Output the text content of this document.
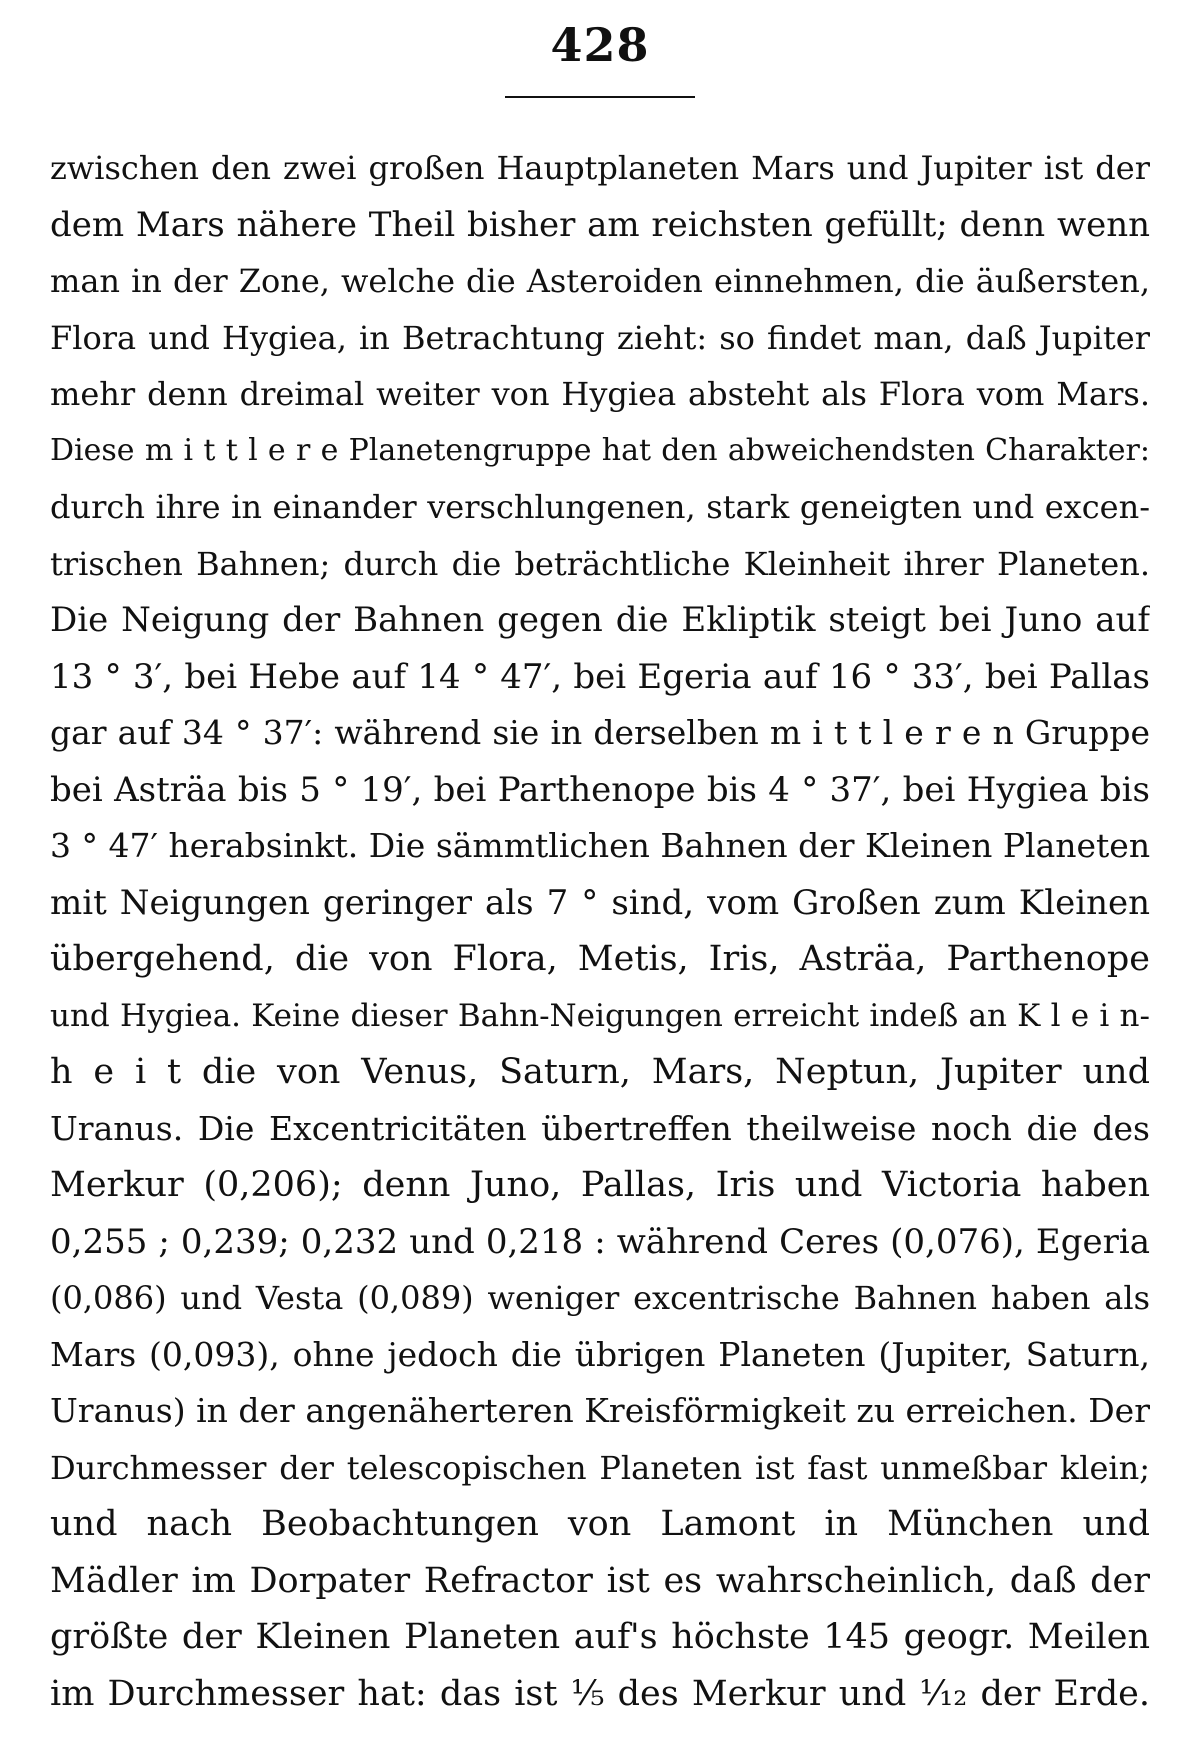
428
zwischen den zwei großen Hauptplaneten Mars und Jupiter ist der
dem Mars nähere Theil bisher am reichsten gefüllt; denn wenn
man in der Zone, welche die Asteroiden einnehmen, die äußersten,
Flora und Hygiea, in Betrachtung zieht: so findet man, daß Jupiter
mehr denn dreimal weiter von Hygiea absteht als Flora vom Mars.
Diese m i t t l e r e Planetengruppe hat den abweichendsten Charakter:
durch ihre in einander verschlungenen, stark geneigten und excen-
trischen Bahnen; durch die beträchtliche Kleinheit ihrer Planeten.
Die Neigung der Bahnen gegen die Ekliptik steigt bei Juno auf
13 ° 3′, bei Hebe auf 14 ° 47′, bei Egeria auf 16 ° 33′, bei Pallas
gar auf 34 ° 37′: während sie in derselben m i t t l e r e n Gruppe
bei Asträa bis 5 ° 19′, bei Parthenope bis 4 ° 37′, bei Hygiea bis
3 ° 47′ herabsinkt. Die sämmtlichen Bahnen der Kleinen Planeten
mit Neigungen geringer als 7 ° sind, vom Großen zum Kleinen
übergehend, die von Flora, Metis, Iris, Asträa, Parthenope
und Hygiea. Keine dieser Bahn-Neigungen erreicht indeß an K l e i n-
h e i t die von Venus, Saturn, Mars, Neptun, Jupiter und
Uranus. Die Excentricitäten übertreffen theilweise noch die des
Merkur (0,206); denn Juno, Pallas, Iris und Victoria haben
0,255 ; 0,239; 0,232 und 0,218 : während Ceres (0,076), Egeria
(0,086) und Vesta (0,089) weniger excentrische Bahnen haben als
Mars (0,093), ohne jedoch die übrigen Planeten (Jupiter, Saturn,
Uranus) in der angenäherteren Kreisförmigkeit zu erreichen. Der
Durchmesser der telescopischen Planeten ist fast unmeßbar klein;
und nach Beobachtungen von Lamont in München und
Mädler im Dorpater Refractor ist es wahrscheinlich, daß der
größte der Kleinen Planeten auf's höchste 145 geogr. Meilen
im Durchmesser hat: das ist ¹⁄₅ des Merkur und ¹⁄₁₂ der Erde.
